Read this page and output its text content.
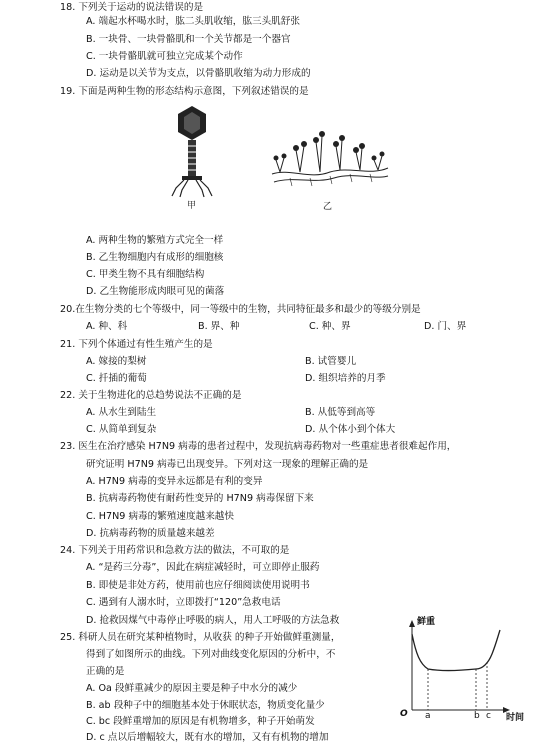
18. 下列关于运动的说法错误的是
A. 端起水杯喝水时，肱二头肌收缩，肱三头肌舒张
B. 一块骨、一块骨骼肌和一个关节都是一个器官
C. 一块骨骼肌就可独立完成某个动作
D. 运动是以关节为支点，以骨骼肌收缩为动力形成的
19. 下面是两种生物的形态结构示意图，下列叙述错误的是
甲	乙
A. 两种生物的繁殖方式完全一样
B. 乙生物细胞内有成形的细胞核
C. 甲类生物不具有细胞结构
D. 乙生物能形成肉眼可见的菌落
20.在生物分类的七个等级中，同一等级中的生物，共同特征最多和最少的等级分别是
A. 种、科	B. 界、种	C. 种、界	D. 门、界
21. 下列个体通过有性生殖产生的是
A. 嫁接的梨树	B. 试管婴儿
C. 扦插的葡萄	D. 组织培养的月季
22. 关于生物进化的总趋势说法不正确的是
A. 从水生到陆生	B. 从低等到高等
C. 从简单到复杂	D. 从个体小到个体大
23. 医生在治疗感染 H7N9 病毒的患者过程中，发现抗病毒药物对一些重症患者很难起作用，
研究证明 H7N9 病毒已出现变异。下列对这一现象的理解正确的是
A. H7N9 病毒的变异永远都是有利的变异
B. 抗病毒药物使有耐药性变异的 H7N9 病毒保留下来
C. H7N9 病毒的繁殖速度越来越快
D. 抗病毒药物的质量越来越差
24. 下列关于用药常识和急救方法的做法，不可取的是
A. “是药三分毒”，因此在病症减轻时，可立即停止服药
B. 即使是非处方药，使用前也应仔细阅读使用说明书
C. 遇到有人溺水时，立即拨打“120”急救电话
D. 抢救因煤气中毒停止呼吸的病人，用人工呼吸的方法急救
25. 科研人员在研究某种植物时，从收获 的种子开始做鲜重测量，
得到了如图所示的曲线。下列对曲线变化原因的分析中，不
正确的是
A. Oa 段鲜重减少的原因主要是种子中水分的减少
B. ab 段种子中的细胞基本处于休眠状态，物质变化量少
C. bc 段鲜重增加的原因是有机物增多，种子开始萌发
D. c 点以后增幅较大，既有水的增加，又有有机物的增加
鲜重
O a	b c 时间
